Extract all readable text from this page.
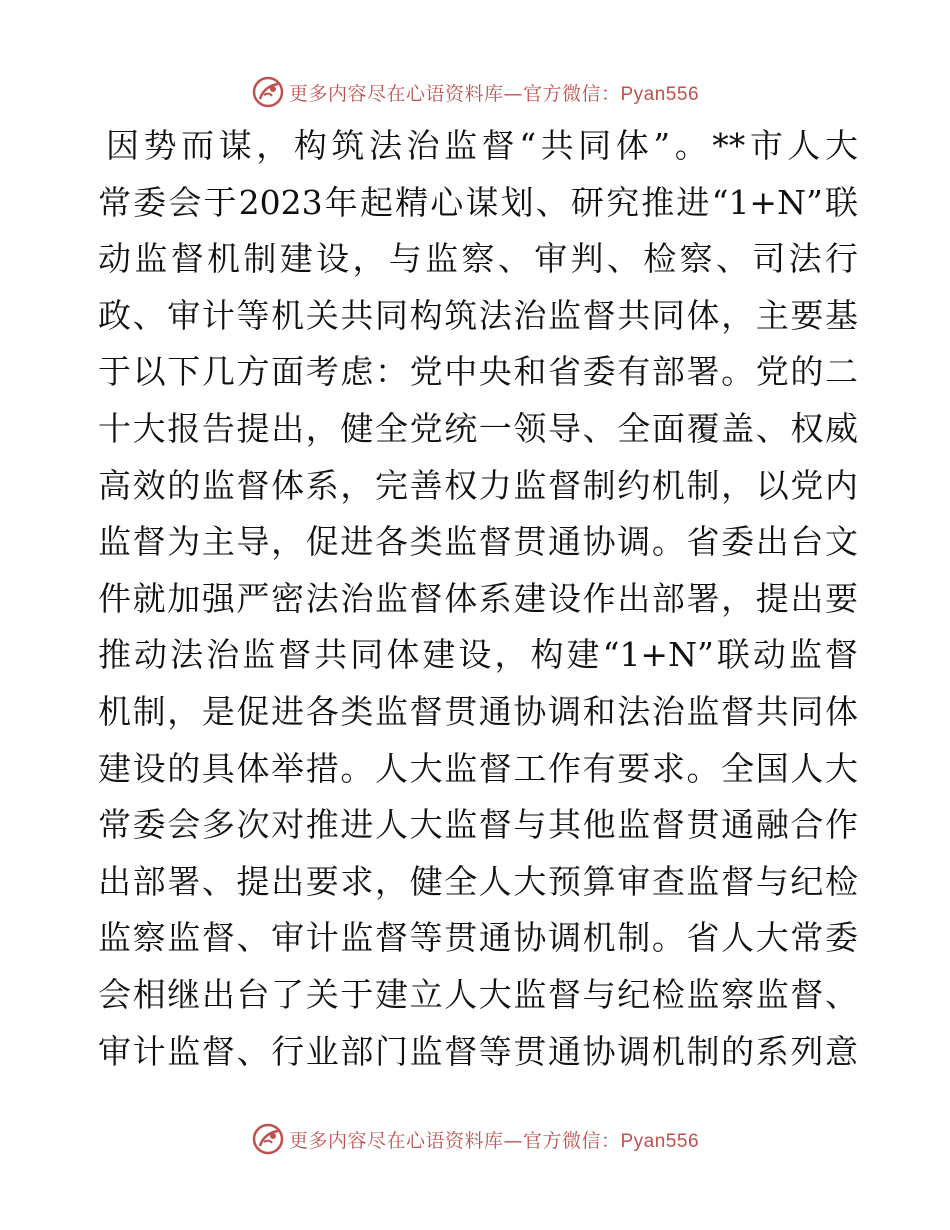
更多内容尽在心语资料库—官方微信：Pyan556
因势而谋，构筑法治监督“共同体”。**市人大
常委会于2023年起精心谋划、研究推进“1+N”联
动监督机制建设，与监察、审判、检察、司法行
政、审计等机关共同构筑法治监督共同体，主要基
于以下几方面考虑：党中央和省委有部署。党的二
十大报告提出，健全党统一领导、全面覆盖、权威
高效的监督体系，完善权力监督制约机制，以党内
监督为主导，促进各类监督贯通协调。省委出台文
件就加强严密法治监督体系建设作出部署，提出要
推动法治监督共同体建设，构建“1+N”联动监督
机制，是促进各类监督贯通协调和法治监督共同体
建设的具体举措。人大监督工作有要求。全国人大
常委会多次对推进人大监督与其他监督贯通融合作
出部署、提出要求，健全人大预算审查监督与纪检
监察监督、审计监督等贯通协调机制。省人大常委
会相继出台了关于建立人大监督与纪检监察监督、
审计监督、行业部门监督等贯通协调机制的系列意
更多内容尽在心语资料库—官方微信：Pyan556
